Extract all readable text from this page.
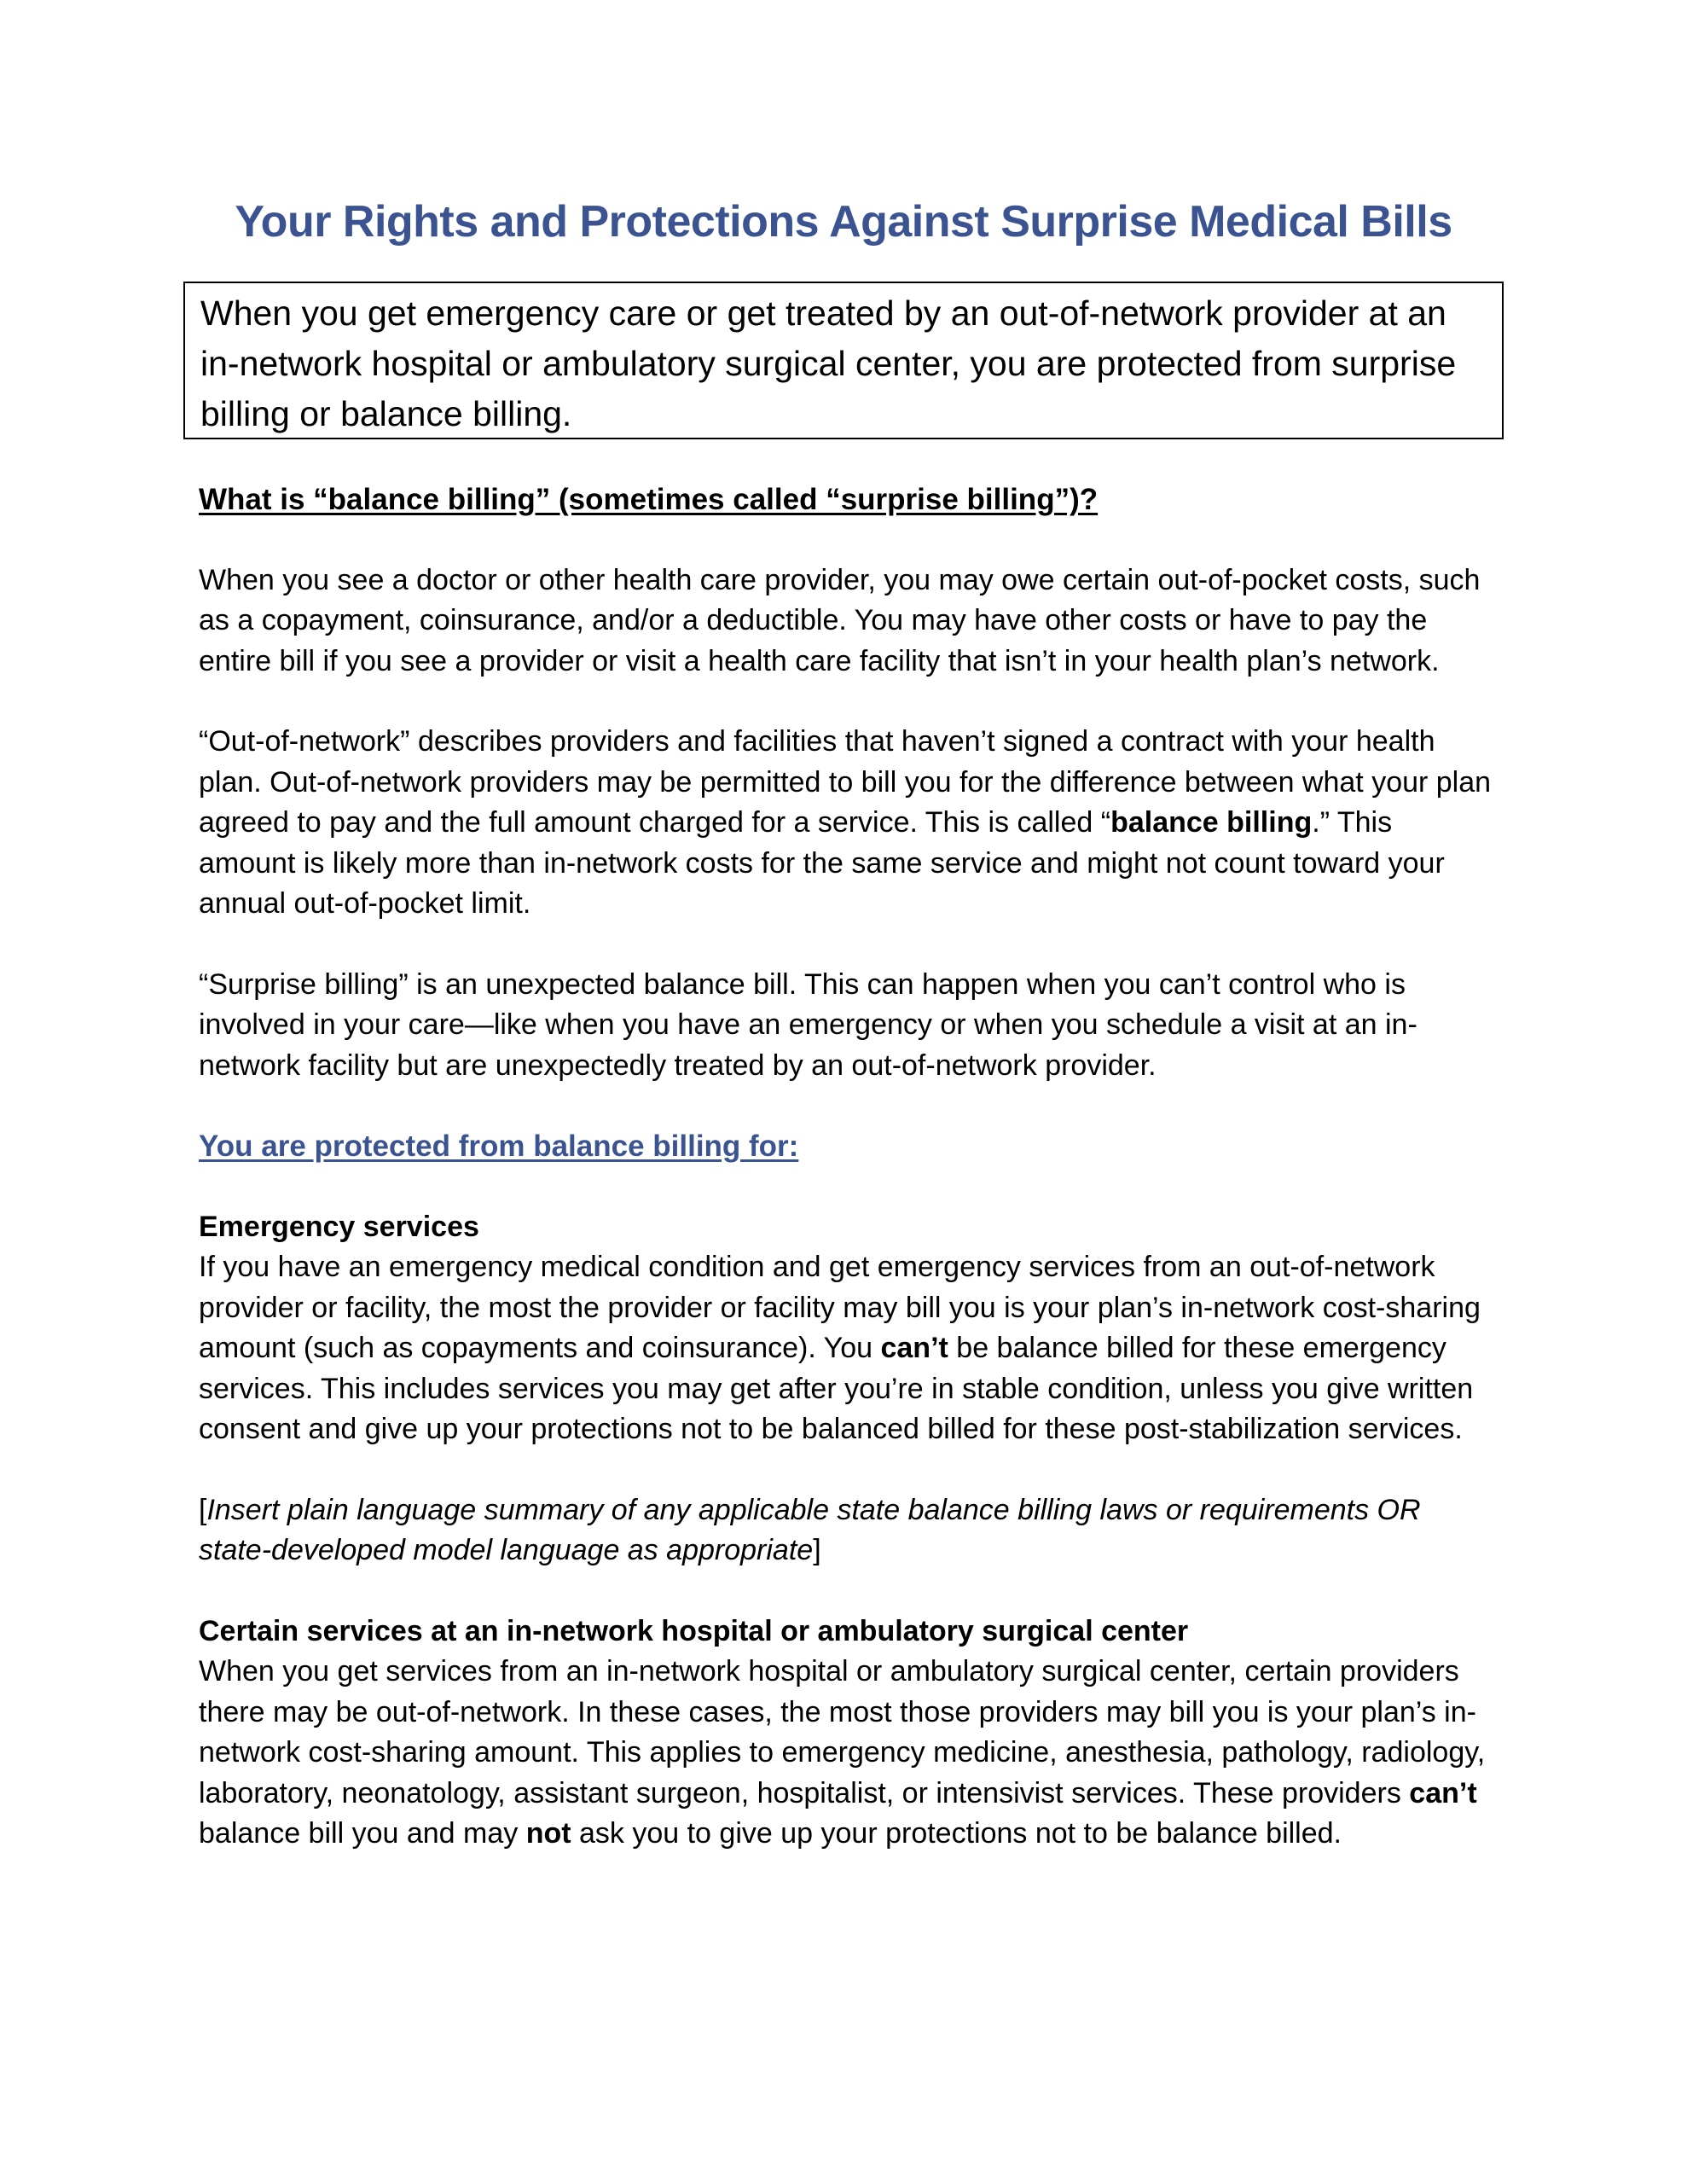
Your Rights and Protections Against Surprise Medical Bills
When you get emergency care or get treated by an out-of-network provider at an in-network hospital or ambulatory surgical center, you are protected from surprise billing or balance billing.

What is “balance billing” (sometimes called “surprise billing”)?

When you see a doctor or other health care provider, you may owe certain out-of-pocket costs, such as a copayment, coinsurance, and/or a deductible. You may have other costs or have to pay the entire bill if you see a provider or visit a health care facility that isn’t in your health plan’s network.

“Out-of-network” describes providers and facilities that haven’t signed a contract with your health plan. Out-of-network providers may be permitted to bill you for the difference between what your plan agreed to pay and the full amount charged for a service. This is called “balance billing.” This amount is likely more than in-network costs for the same service and might not count toward your annual out-of-pocket limit.

“Surprise billing” is an unexpected balance bill. This can happen when you can’t control who is involved in your care—like when you have an emergency or when you schedule a visit at an in-network facility but are unexpectedly treated by an out-of-network provider.

You are protected from balance billing for:

Emergency services

If you have an emergency medical condition and get emergency services from an out-of-network provider or facility, the most the provider or facility may bill you is your plan’s in-network cost-sharing amount (such as copayments and coinsurance). You can’t be balance billed for these emergency services. This includes services you may get after you’re in stable condition, unless you give written consent and give up your protections not to be balanced billed for these post-stabilization services.

[Insert plain language summary of any applicable state balance billing laws or requirements OR state-developed model language as appropriate]

Certain services at an in-network hospital or ambulatory surgical center

When you get services from an in-network hospital or ambulatory surgical center, certain providers there may be out-of-network. In these cases, the most those providers may bill you is your plan’s in-network cost-sharing amount. This applies to emergency medicine, anesthesia, pathology, radiology, laboratory, neonatology, assistant surgeon, hospitalist, or intensivist services. These providers can’t balance bill you and may not ask you to give up your protections not to be balance billed.
